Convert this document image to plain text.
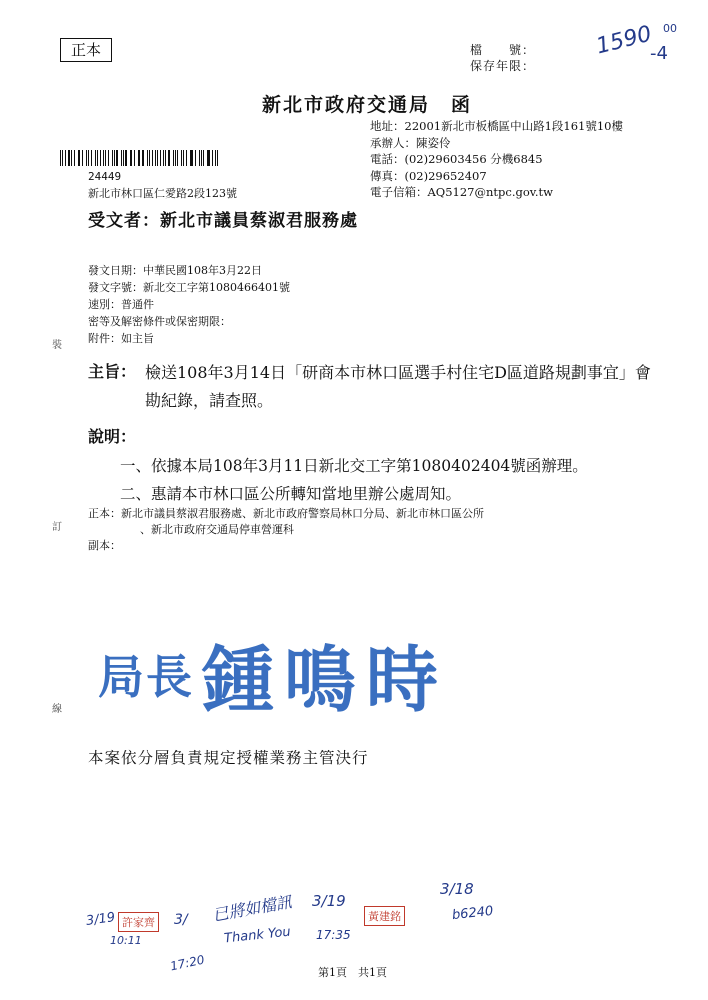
正本	檔　　號：
保存年限：
1590 00
-4
新北市政府交通局　函
地址：22001新北市板橋區中山路1段161號10樓
承辦人：陳姿伶
電話：(02)29603456 分機6845
傳真：(02)29652407
電子信箱：AQ5127@ntpc.gov.tw
24449
新北市林口區仁愛路2段123號
受文者：新北市議員蔡淑君服務處
發文日期：中華民國108年3月22日
發文字號：新北交工字第1080466401號
速別：普通件
密等及解密條件或保密期限：
附件：如主旨
裝
訂
線
主旨： 檢送108年3月14日「研商本市林口區選手村住宅D區道路規劃事宜」會勘紀錄，請查照。
說明：
一、依據本局108年3月11日新北交工字第1080402404號函辦理。
二、惠請本市林口區公所轉知當地里辦公處周知。
正本：新北市議員蔡淑君服務處、新北市政府警察局林口分局、新北市林口區公所
、新北市政府交通局停車營運科
副本：
局長 鍾鳴時
本案依分層負責規定授權業務主管決行
3/19
10:11
許家齊 3/
17:20
已將如檔訊
Thank You
3/19
17:35
黃建銘
3/18
b6240
第1頁　共1頁
